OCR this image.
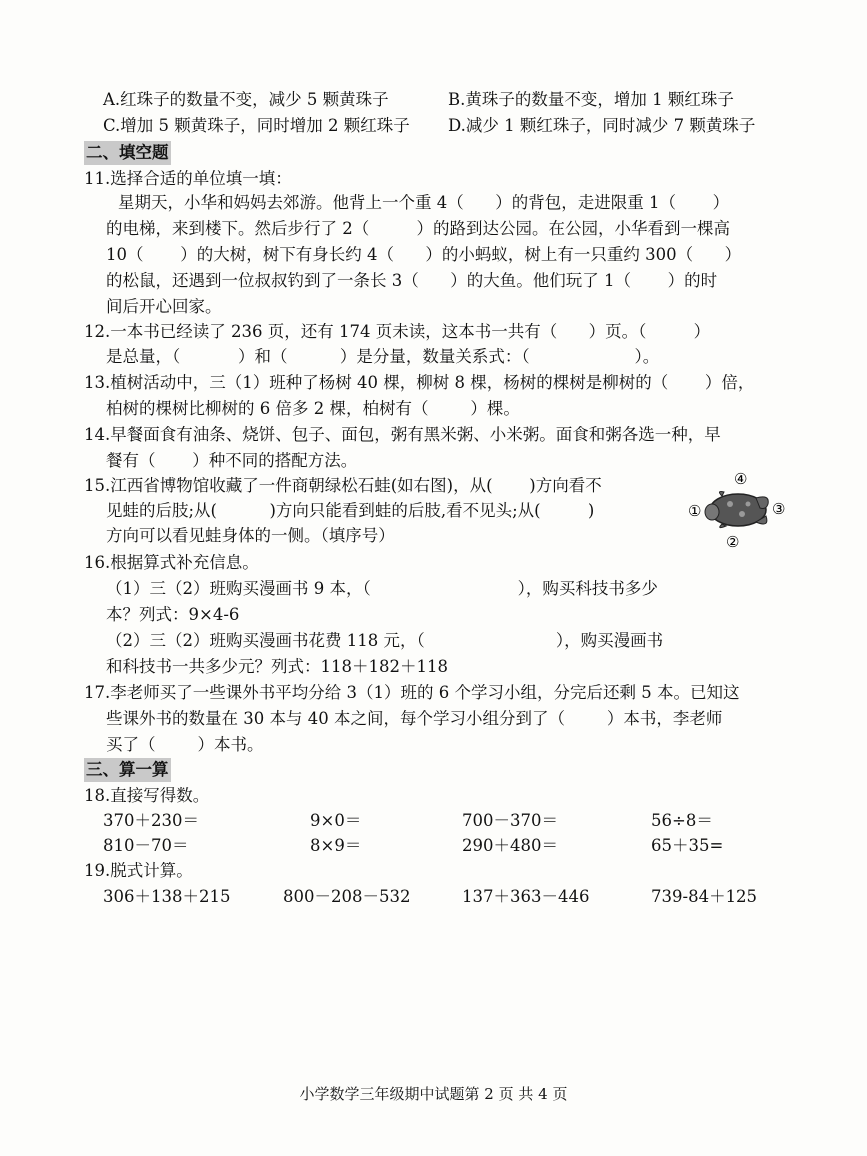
A.红珠子的数量不变，减少 5 颗黄珠子	B.黄珠子的数量不变，增加 1 颗红珠子
C.增加 5 颗黄珠子，同时增加 2 颗红珠子 D.减少 1 颗红珠子，同时减少 7 颗黄珠子
二、填空题
11.选择合适的单位填一填：
星期天，小华和妈妈去郊游。他背上一个重 4（      ）的背包，走进限重 1（       ）
的电梯，来到楼下。然后步行了 2（         ）的路到达公园。在公园，小华看到一棵高
10（       ）的大树，树下有身长约 4（      ）的小蚂蚁，树上有一只重约 300（      ）
的松鼠，还遇到一位叔叔钓到了一条长 3（      ）的大鱼。他们玩了 1（       ）的时
间后开心回家。
12.一本书已经读了 236 页，还有 174 页未读，这本书一共有（      ）页。（         ）
是总量，（           ）和（          ）是分量，数量关系式：（                    ）。
13.植树活动中，三（1）班种了杨树 40 棵，柳树 8 棵，杨树的棵树是柳树的（       ）倍，
柏树的棵树比柳树的 6 倍多 2 棵，柏树有（        ）棵。
14.早餐面食有油条、烧饼、包子、面包，粥有黑米粥、小米粥。面食和粥各选一种，早
餐有（       ）种不同的搭配方法。
15.江西省博物馆收藏了一件商朝绿松石蛙(如右图)，从(       )方向看不
见蛙的后肢;从(          )方向只能看到蛙的后肢,看不见头;从(         )
方向可以看见蛙身体的一侧。（填序号）
④
①	③
②
16.根据算式补充信息。
（1）三（2）班购买漫画书 9 本，（                            ），购买科技书多少
本？列式：9×4-6
（2）三（2）班购买漫画书花费 118 元，（                         ），购买漫画书
和科技书一共多少元？列式：118＋182＋118
17.李老师买了一些课外书平均分给 3（1）班的 6 个学习小组，分完后还剩 5 本。已知这
些课外书的数量在 30 本与 40 本之间，每个学习小组分到了（        ）本书，李老师
买了（        ）本书。
三、算一算
18.直接写得数。
370＋230＝	9×0＝	700－370＝	56÷8＝
810－70＝	8×9＝	290＋480＝	65＋35=
19.脱式计算。
306＋138＋215	800－208－532	137＋363－446	739-84＋125
小学数学三年级期中试题第 2 页 共 4 页
